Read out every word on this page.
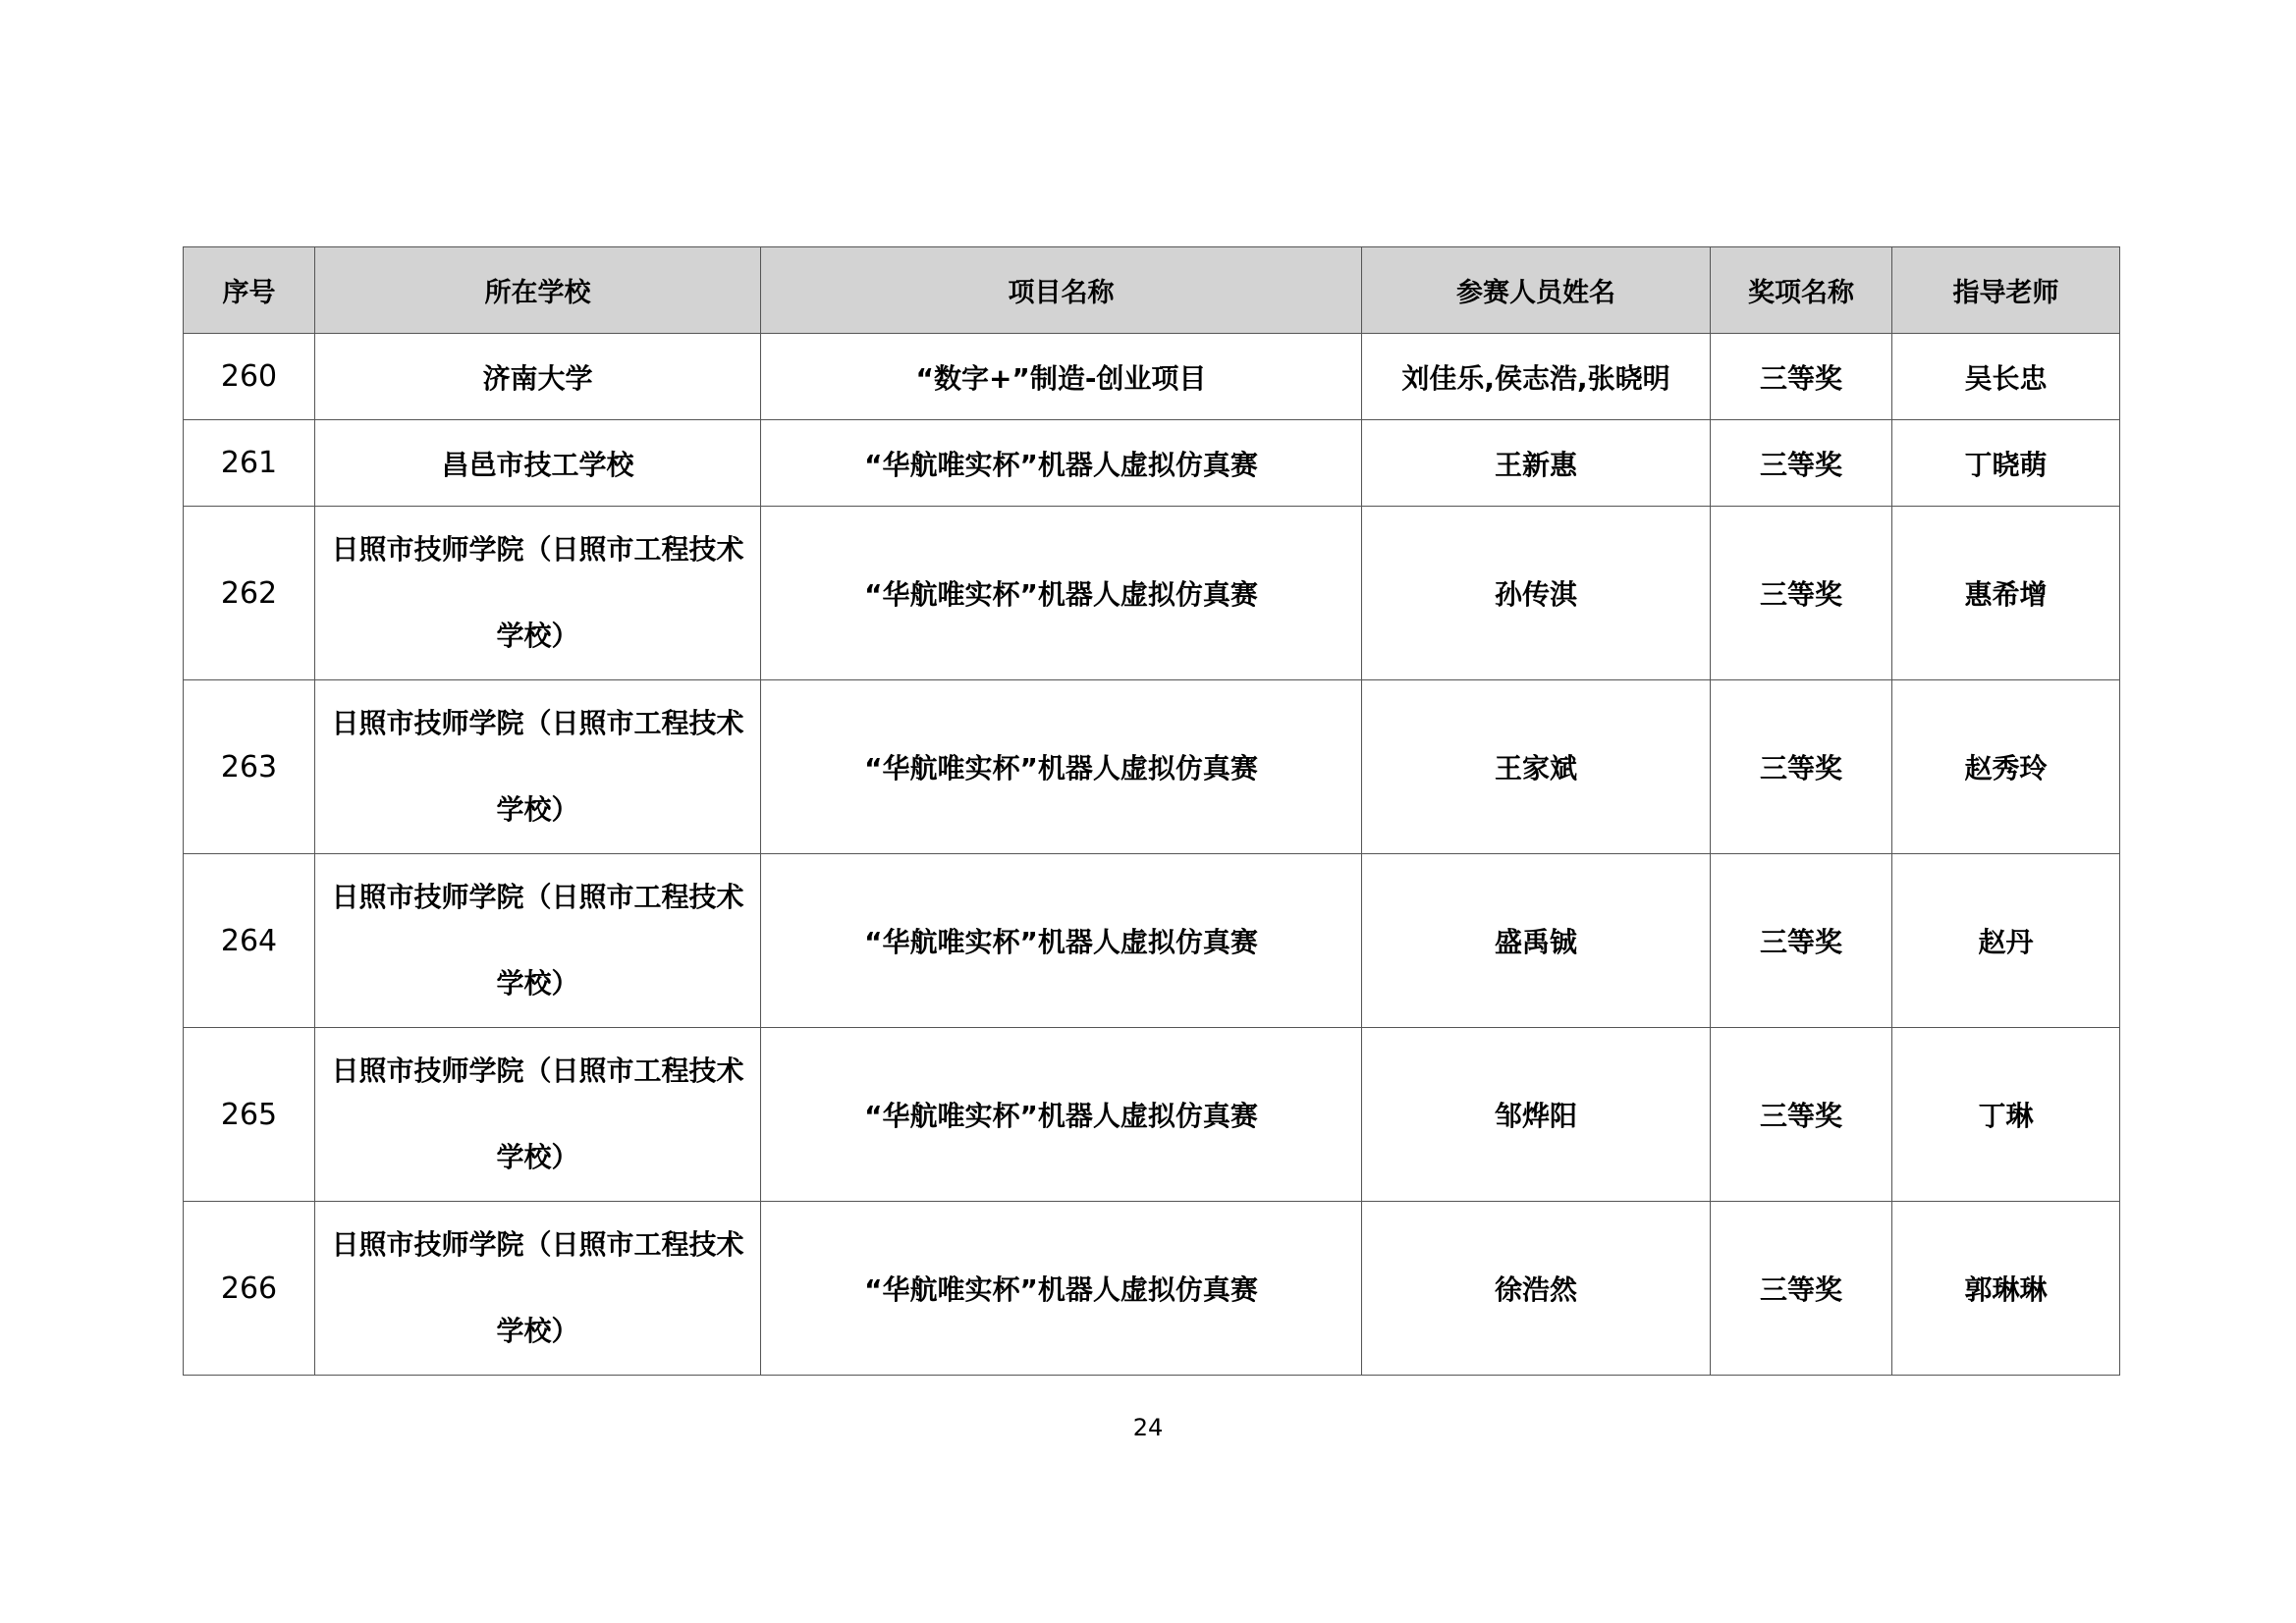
序号	所在学校	项目名称	参赛人员姓名	奖项名称	指导老师
260	济南大学	“数字+”制造-创业项目	刘佳乐,侯志浩,张晓明	三等奖	吴长忠
261	昌邑市技工学校	“华航唯实杯”机器人虚拟仿真赛	王新惠	三等奖	丁晓萌
262	日照市技师学院（日照市工程技术学校）	“华航唯实杯”机器人虚拟仿真赛	孙传淇	三等奖	惠希增
263	日照市技师学院（日照市工程技术学校）	“华航唯实杯”机器人虚拟仿真赛	王家斌	三等奖	赵秀玲
264	日照市技师学院（日照市工程技术学校）	“华航唯实杯”机器人虚拟仿真赛	盛禹铖	三等奖	赵丹
265	日照市技师学院（日照市工程技术学校）	“华航唯实杯”机器人虚拟仿真赛	邹烨阳	三等奖	丁琳
266	日照市技师学院（日照市工程技术学校）	“华航唯实杯”机器人虚拟仿真赛	徐浩然	三等奖	郭琳琳
24
